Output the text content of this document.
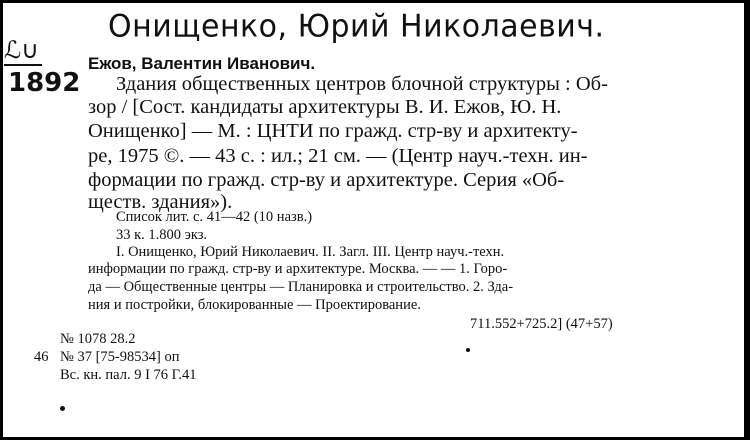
Онищенко, Юрий Николаевич.
ℒ∪
1892
Ежов, Валентин Иванович.
Здания общественных центров блочной структуры : Об-
зор / [Сост. кандидаты архитектуры В. И. Ежов, Ю. Н.
Онищенко] — М. : ЦНТИ по гражд. стр-ву и архитекту-
ре, 1975 ©. — 43 с. : ил.; 21 см. — (Центр науч.-техн. ин-
формации по гражд. стр-ву и архитектуре. Серия «Об-
ществ. здания»).
Список лит. с. 41—42 (10 назв.)
33 к. 1.800 экз.
I. Онищенко, Юрий Николаевич. II. Загл. III. Центр науч.-техн.
информации по гражд. стр-ву и архитектуре. Москва. — — 1. Горо-
да — Общественные центры — Планировка и строительство. 2. Зда-
ния и постройки, блокированные — Проектирование.
711.552+725.2] (47+57)
№ 1078 28.2
46 № 37 [75-98534] оп
Вс. кн. пал. 9 I 76 Г.41
